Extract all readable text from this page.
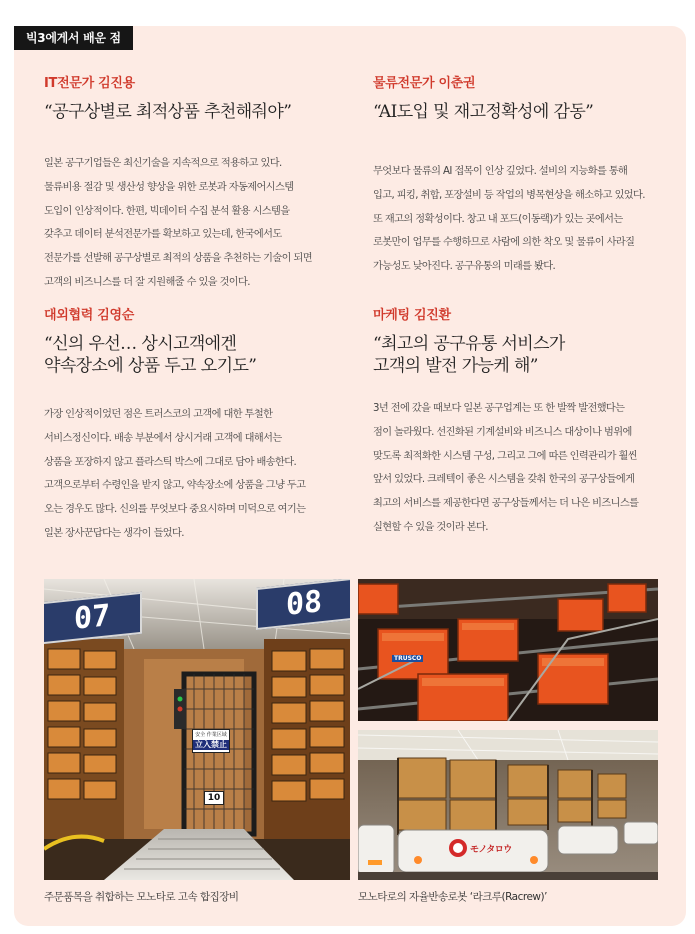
빅3에게서 배운 점
IT전문가 김진용
“공구상별로 최적상품 추천해줘야”
일본 공구기업들은 최신기술을 지속적으로 적용하고 있다.
물류비용 절감 및 생산성 향상을 위한 로봇과 자동제어시스템
도입이 인상적이다. 한편, 빅데이터 수집 분석 활용 시스템을
갖추고 데이터 분석전문가를 확보하고 있는데, 한국에서도
전문가를 선발해 공구상별로 최적의 상품을 추천하는 기술이 되면
고객의 비즈니스를 더 잘 지원해줄 수 있을 것이다.
물류전문가 이춘권
“AI도입 및 재고정확성에 감동”
무엇보다 물류의 AI 접목이 인상 깊었다. 설비의 지능화를 통해
입고, 피킹, 취합, 포장설비 등 작업의 병목현상을 해소하고 있었다.
또 재고의 정확성이다. 창고 내 포드(이동랙)가 있는 곳에서는
로봇만이 업무를 수행하므로 사람에 의한 착오 및 물류이 사라질
가능성도 낮아진다. 공구유통의 미래를 봤다.
대외협력 김영순
“신의 우선… 상시고객에겐
약속장소에 상품 두고 오기도”
가장 인상적이었던 점은 트러스코의 고객에 대한 투철한
서비스정신이다. 배송 부분에서 상시거래 고객에 대해서는
상품을 포장하지 않고 플라스틱 박스에 그대로 담아 배송한다.
고객으로부터 수령인을 받지 않고, 약속장소에 상품을 그냥 두고
오는 경우도 많다. 신의를 무엇보다 중요시하며 미덕으로 여기는
일본 장사꾼답다는 생각이 들었다.
마케팅 김진환
“최고의 공구유통 서비스가
고객의 발전 가능케 해”
3년 전에 갔을 때보다 일본 공구업계는 또 한 발짝 발전했다는
점이 놀라웠다. 선진화된 기계설비와 비즈니스 대상이나 범위에
맞도록 최적화한 시스템 구성, 그리고 그에 따른 인력관리가 훨씬
앞서 있었다. 크레텍이 좋은 시스템을 갖춰 한국의 공구상들에게
최고의 서비스를 제공한다면 공구상들께서는 더 나은 비즈니스를
실현할 수 있을 것이라 본다.
07	08
安全 作業区域
立入禁止
10
TRUSCO
モノタロウ
주문품목을 취합하는 모노타로 고속 합집장비	모노타로의 자율반송로봇 ‘라크루(Racrew)’
